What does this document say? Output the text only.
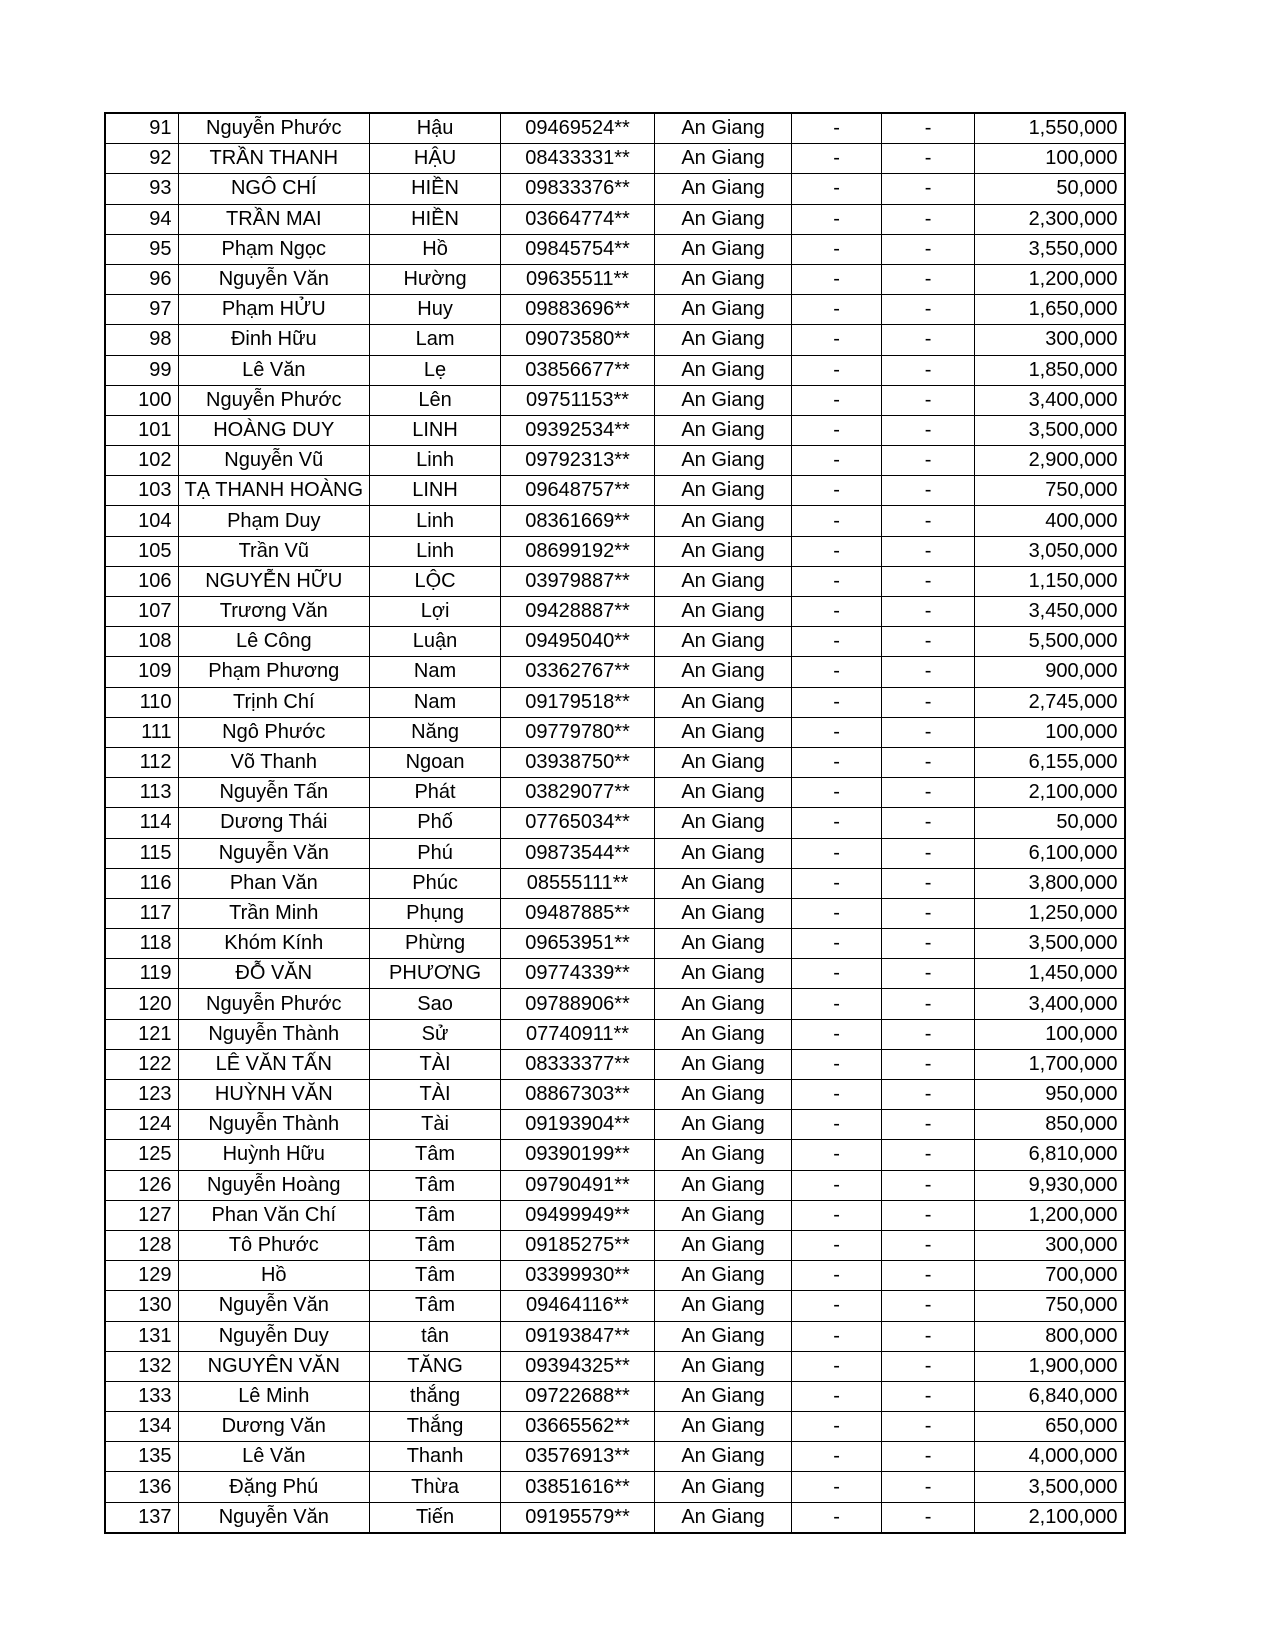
91	Nguyễn Phước	Hậu	09469524**	An Giang	-	-	1,550,000
92	TRẦN THANH	HẬU	08433331**	An Giang	-	-	100,000
93	NGÔ CHÍ	HIỀN	09833376**	An Giang	-	-	50,000
94	TRẦN MAI	HIỀN	03664774**	An Giang	-	-	2,300,000
95	Phạm Ngọc	Hồ	09845754**	An Giang	-	-	3,550,000
96	Nguyễn Văn	Hường	09635511**	An Giang	-	-	1,200,000
97	Phạm HỬU	Huy	09883696**	An Giang	-	-	1,650,000
98	Đinh Hữu	Lam	09073580**	An Giang	-	-	300,000
99	Lê Văn	Lẹ	03856677**	An Giang	-	-	1,850,000
100	Nguyễn Phước	Lên	09751153**	An Giang	-	-	3,400,000
101	HOÀNG DUY	LINH	09392534**	An Giang	-	-	3,500,000
102	Nguyễn Vũ	Linh	09792313**	An Giang	-	-	2,900,000
103	TẠ THANH HOÀNG	LINH	09648757**	An Giang	-	-	750,000
104	Phạm Duy	Linh	08361669**	An Giang	-	-	400,000
105	Trần Vũ	Linh	08699192**	An Giang	-	-	3,050,000
106	NGUYỄN HỮU	LỘC	03979887**	An Giang	-	-	1,150,000
107	Trương Văn	Lợi	09428887**	An Giang	-	-	3,450,000
108	Lê Công	Luận	09495040**	An Giang	-	-	5,500,000
109	Phạm Phương	Nam	03362767**	An Giang	-	-	900,000
110	Trịnh Chí	Nam	09179518**	An Giang	-	-	2,745,000
111	Ngô Phước	Năng	09779780**	An Giang	-	-	100,000
112	Võ Thanh	Ngoan	03938750**	An Giang	-	-	6,155,000
113	Nguyễn Tấn	Phát	03829077**	An Giang	-	-	2,100,000
114	Dương Thái	Phố	07765034**	An Giang	-	-	50,000
115	Nguyễn Văn	Phú	09873544**	An Giang	-	-	6,100,000
116	Phan Văn	Phúc	08555111**	An Giang	-	-	3,800,000
117	Trần Minh	Phụng	09487885**	An Giang	-	-	1,250,000
118	Khóm Kính	Phừng	09653951**	An Giang	-	-	3,500,000
119	ĐỖ VĂN	PHƯƠNG	09774339**	An Giang	-	-	1,450,000
120	Nguyễn Phước	Sao	09788906**	An Giang	-	-	3,400,000
121	Nguyễn Thành	Sử	07740911**	An Giang	-	-	100,000
122	LÊ VĂN TẤN	TÀI	08333377**	An Giang	-	-	1,700,000
123	HUỲNH VĂN	TÀI	08867303**	An Giang	-	-	950,000
124	Nguyễn Thành	Tài	09193904**	An Giang	-	-	850,000
125	Huỳnh Hữu	Tâm	09390199**	An Giang	-	-	6,810,000
126	Nguyễn Hoàng	Tâm	09790491**	An Giang	-	-	9,930,000
127	Phan Văn Chí	Tâm	09499949**	An Giang	-	-	1,200,000
128	Tô Phước	Tâm	09185275**	An Giang	-	-	300,000
129	Hồ	Tâm	03399930**	An Giang	-	-	700,000
130	Nguyễn Văn	Tâm	09464116**	An Giang	-	-	750,000
131	Nguyễn Duy	tân	09193847**	An Giang	-	-	800,000
132	NGUYÊN VĂN	TĂNG	09394325**	An Giang	-	-	1,900,000
133	Lê Minh	thắng	09722688**	An Giang	-	-	6,840,000
134	Dương Văn	Thắng	03665562**	An Giang	-	-	650,000
135	Lê Văn	Thanh	03576913**	An Giang	-	-	4,000,000
136	Đặng Phú	Thừa	03851616**	An Giang	-	-	3,500,000
137	Nguyễn Văn	Tiến	09195579**	An Giang	-	-	2,100,000
